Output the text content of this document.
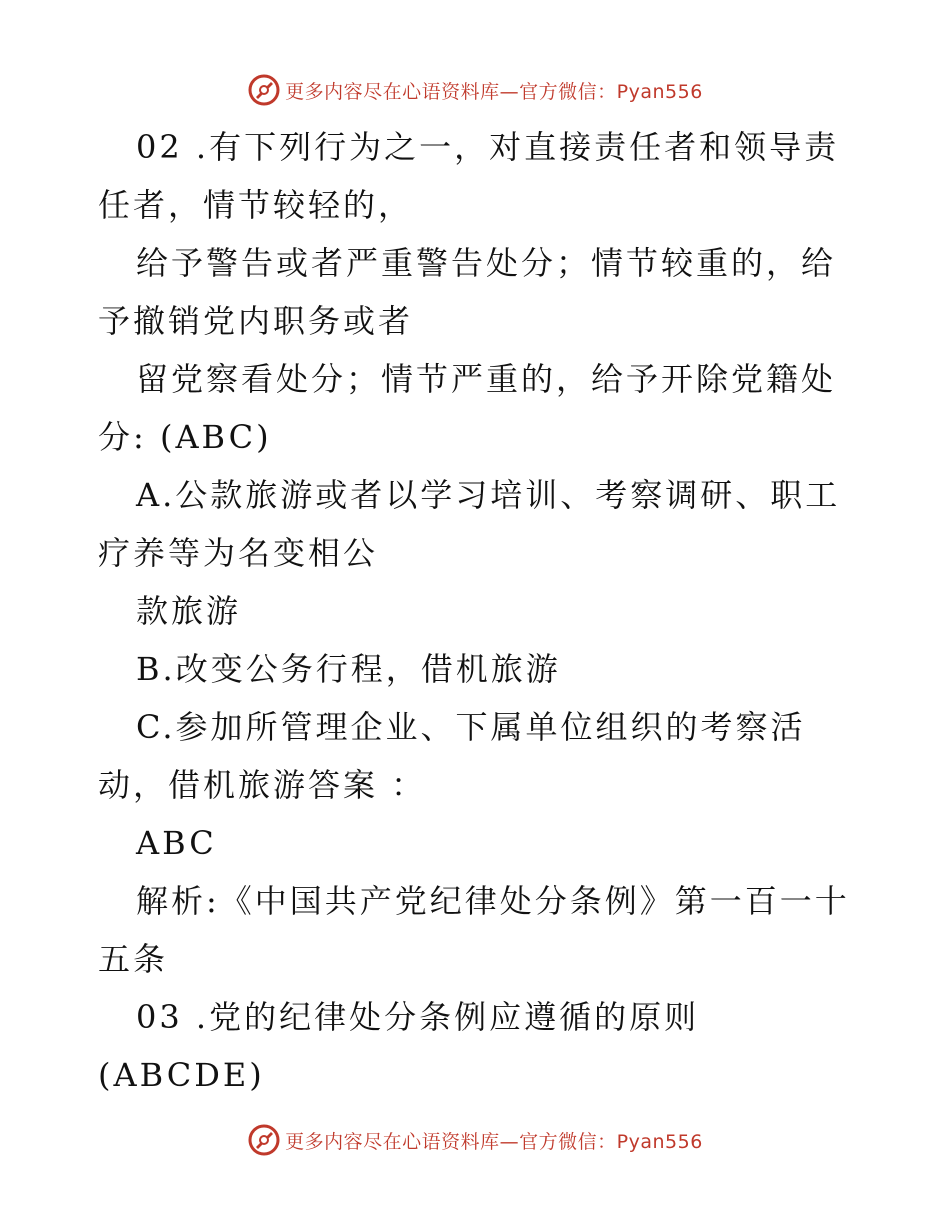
更多内容尽在心语资料库—官方微信：Pyan556

02 .有下列行为之一，对直接责任者和领导责任者，情节较轻的，

给予警告或者严重警告处分；情节较重的，给予撤销党内职务或者

留党察看处分；情节严重的，给予开除党籍处分: (ABC)

A.公款旅游或者以学习培训、考察调研、职工疗养等为名变相公

款旅游

B.改变公务行程，借机旅游

C.参加所管理企业、下属单位组织的考察活动，借机旅游答案 ：

ABC

解析:《中国共产党纪律处分条例》第一百一十五条

03 .党的纪律处分条例应遵循的原则(ABCDE)

更多内容尽在心语资料库—官方微信：Pyan556
